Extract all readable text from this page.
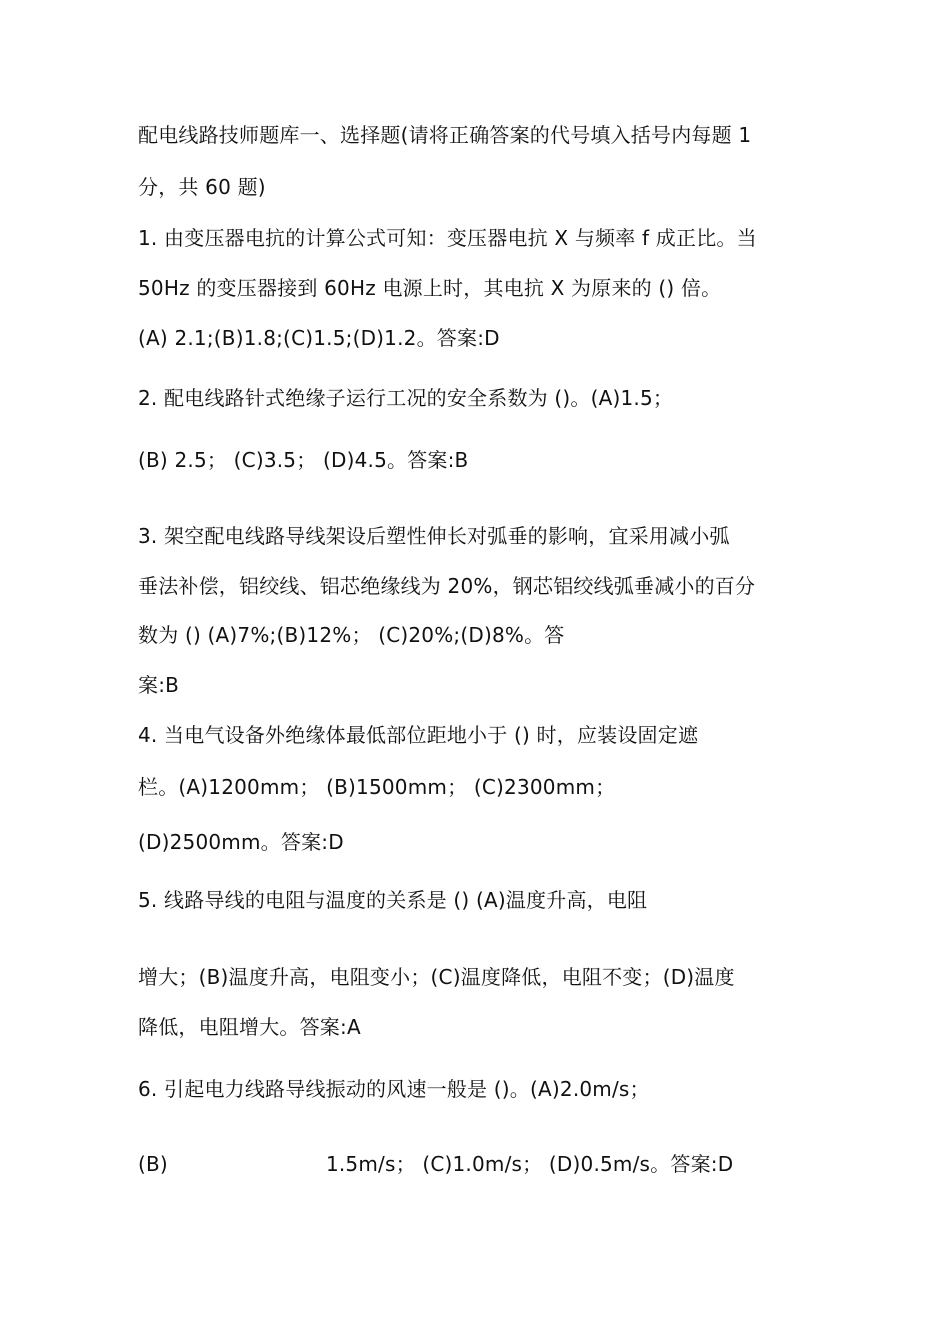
配电线路技师题库一、选择题(请将正确答案的代号填入括号内每题 1
分，共 60 题)
1. 由变压器电抗的计算公式可知：变压器电抗 X 与频率 f 成正比。当
50Hz 的变压器接到 60Hz 电源上时，其电抗 X 为原来的 () 倍。
(A) 2.1;(B)1.8;(C)1.5;(D)1.2。答案:D
2. 配电线路针式绝缘子运行工况的安全系数为 ()。(A)1.5；
(B) 2.5； (C)3.5； (D)4.5。答案:B
3. 架空配电线路导线架设后塑性伸长对弧垂的影响，宜采用减小弧
垂法补偿，铝绞线、铝芯绝缘线为 20%，钢芯铝绞线弧垂减小的百分
数为 () (A)7%;(B)12%； (C)20%;(D)8%。答
案:B
4. 当电气设备外绝缘体最低部位距地小于 () 时，应装设固定遮
栏。(A)1200mm； (B)1500mm； (C)2300mm；
(D)2500mm。答案:D
5. 线路导线的电阻与温度的关系是 () (A)温度升高，电阻
增大；(B)温度升高，电阻变小；(C)温度降低，电阻不变；(D)温度
降低，电阻增大。答案:A
6. 引起电力线路导线振动的风速一般是 ()。(A)2.0m/s；
(B)	1.5m/s； (C)1.0m/s； (D)0.5m/s。答案:D
